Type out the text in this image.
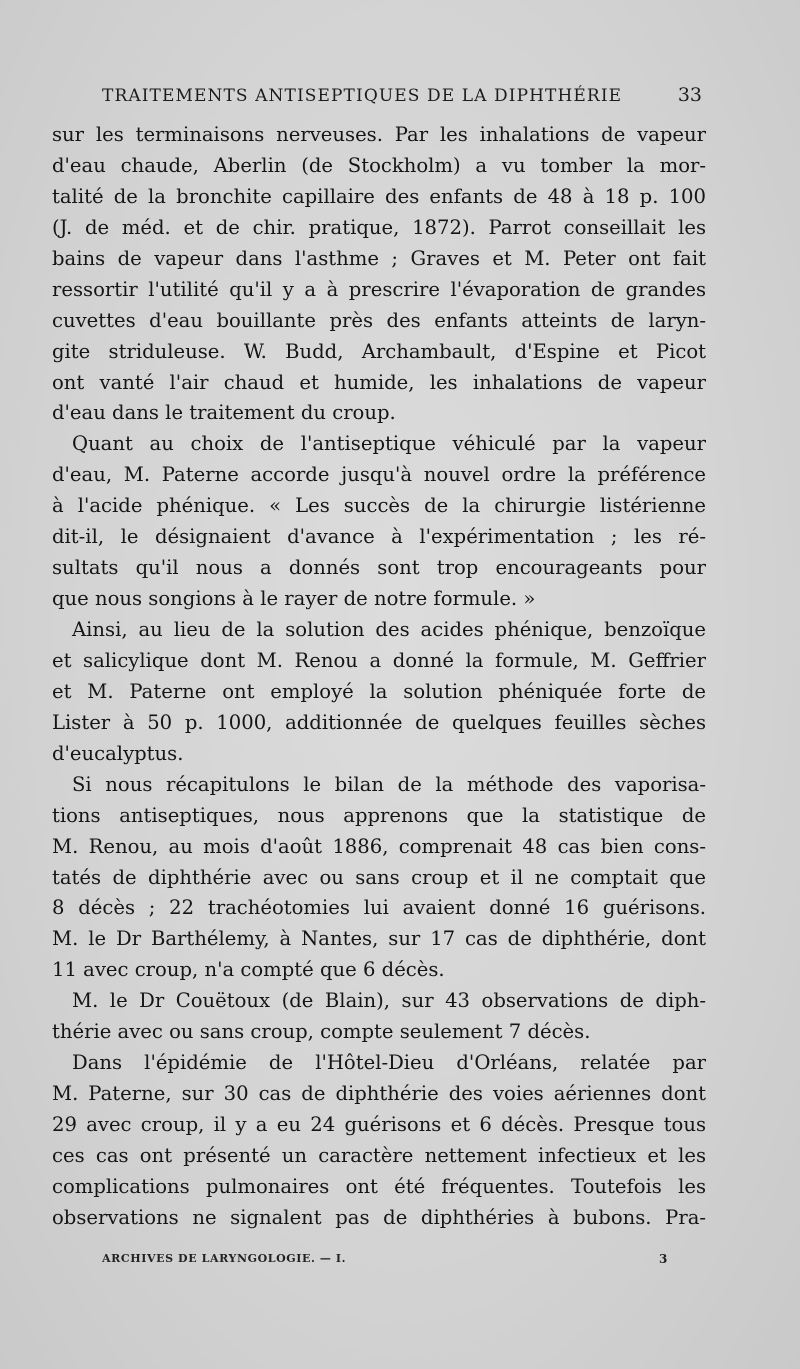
TRAITEMENTS ANTISEPTIQUES DE LA DIPHTHÉRIE	33
sur les terminaisons nerveuses. Par les inhalations de vapeur
d'eau chaude, Aberlin (de Stockholm) a vu tomber la mor-
talité de la bronchite capillaire des enfants de 48 à 18 p. 100
(J. de méd. et de chir. pratique, 1872). Parrot conseillait les
bains de vapeur dans l'asthme ; Graves et M. Peter ont fait
ressortir l'utilité qu'il y a à prescrire l'évaporation de grandes
cuvettes d'eau bouillante près des enfants atteints de laryn-
gite striduleuse. W. Budd, Archambault, d'Espine et Picot
ont vanté l'air chaud et humide, les inhalations de vapeur
d'eau dans le traitement du croup.
Quant au choix de l'antiseptique véhiculé par la vapeur
d'eau, M. Paterne accorde jusqu'à nouvel ordre la préférence
à l'acide phénique. « Les succès de la chirurgie listérienne
dit-il, le désignaient d'avance à l'expérimentation ; les ré-
sultats qu'il nous a donnés sont trop encourageants pour
que nous songions à le rayer de notre formule. »
Ainsi, au lieu de la solution des acides phénique, benzoïque
et salicylique dont M. Renou a donné la formule, M. Geffrier
et M. Paterne ont employé la solution phéniquée forte de
Lister à 50 p. 1000, additionnée de quelques feuilles sèches
d'eucalyptus.
Si nous récapitulons le bilan de la méthode des vaporisa-
tions antiseptiques, nous apprenons que la statistique de
M. Renou, au mois d'août 1886, comprenait 48 cas bien cons-
tatés de diphthérie avec ou sans croup et il ne comptait que
8 décès ; 22 trachéotomies lui avaient donné 16 guérisons.
M. le Dr Barthélemy, à Nantes, sur 17 cas de diphthérie, dont
11 avec croup, n'a compté que 6 décès.
M. le Dr Couëtoux (de Blain), sur 43 observations de diph-
thérie avec ou sans croup, compte seulement 7 décès.
Dans l'épidémie de l'Hôtel-Dieu d'Orléans, relatée par
M. Paterne, sur 30 cas de diphthérie des voies aériennes dont
29 avec croup, il y a eu 24 guérisons et 6 décès. Presque tous
ces cas ont présenté un caractère nettement infectieux et les
complications pulmonaires ont été fréquentes. Toutefois les
observations ne signalent pas de diphthéries à bubons. Pra-
ARCHIVES DE LARYNGOLOGIE. — I.	3
